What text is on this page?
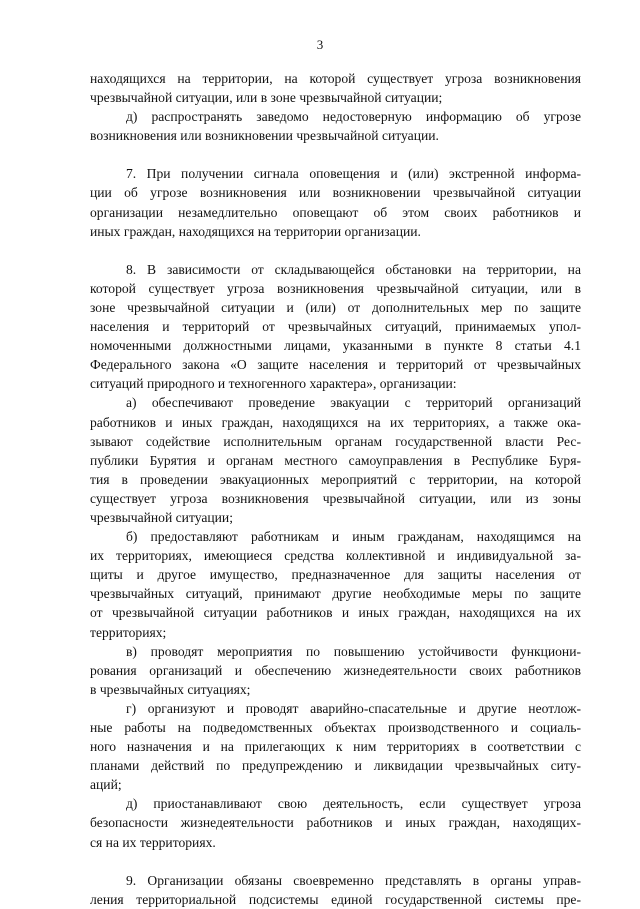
3
находящихся на территории, на которой существует угроза возникновения
чрезвычайной ситуации, или в зоне чрезвычайной ситуации;
д) распространять заведомо недостоверную информацию об угрозе
возникновения или возникновении чрезвычайной ситуации.
7. При получении сигнала оповещения и (или) экстренной информа-
ции об угрозе возникновения или возникновении чрезвычайной ситуации
организации незамедлительно оповещают об этом своих работников и
иных граждан, находящихся на территории организации.
8. В зависимости от складывающейся обстановки на территории, на
которой существует угроза возникновения чрезвычайной ситуации, или в
зоне чрезвычайной ситуации и (или) от дополнительных мер по защите
населения и территорий от чрезвычайных ситуаций, принимаемых упол-
номоченными должностными лицами, указанными в пункте 8 статьи 4.1
Федерального закона «О защите населения и территорий от чрезвычайных
ситуаций природного и техногенного характера», организации:
а) обеспечивают проведение эвакуации с территорий организаций
работников и иных граждан, находящихся на их территориях, а также ока-
зывают содействие исполнительным органам государственной власти Рес-
публики Бурятия и органам местного самоуправления в Республике Буря-
тия в проведении эвакуационных мероприятий с территории, на которой
существует угроза возникновения чрезвычайной ситуации, или из зоны
чрезвычайной ситуации;
б) предоставляют работникам и иным гражданам, находящимся на
их территориях, имеющиеся средства коллективной и индивидуальной за-
щиты и другое имущество, предназначенное для защиты населения от
чрезвычайных ситуаций, принимают другие необходимые меры по защите
от чрезвычайной ситуации работников и иных граждан, находящихся на их
территориях;
в) проводят мероприятия по повышению устойчивости функциони-
рования организаций и обеспечению жизнедеятельности своих работников
в чрезвычайных ситуациях;
г) организуют и проводят аварийно-спасательные и другие неотлож-
ные работы на подведомственных объектах производственного и социаль-
ного назначения и на прилегающих к ним территориях в соответствии с
планами действий по предупреждению и ликвидации чрезвычайных ситу-
аций;
д) приостанавливают свою деятельность, если существует угроза
безопасности жизнедеятельности работников и иных граждан, находящих-
ся на их территориях.
9. Организации обязаны своевременно представлять в органы управ-
ления территориальной подсистемы единой государственной системы пре-
